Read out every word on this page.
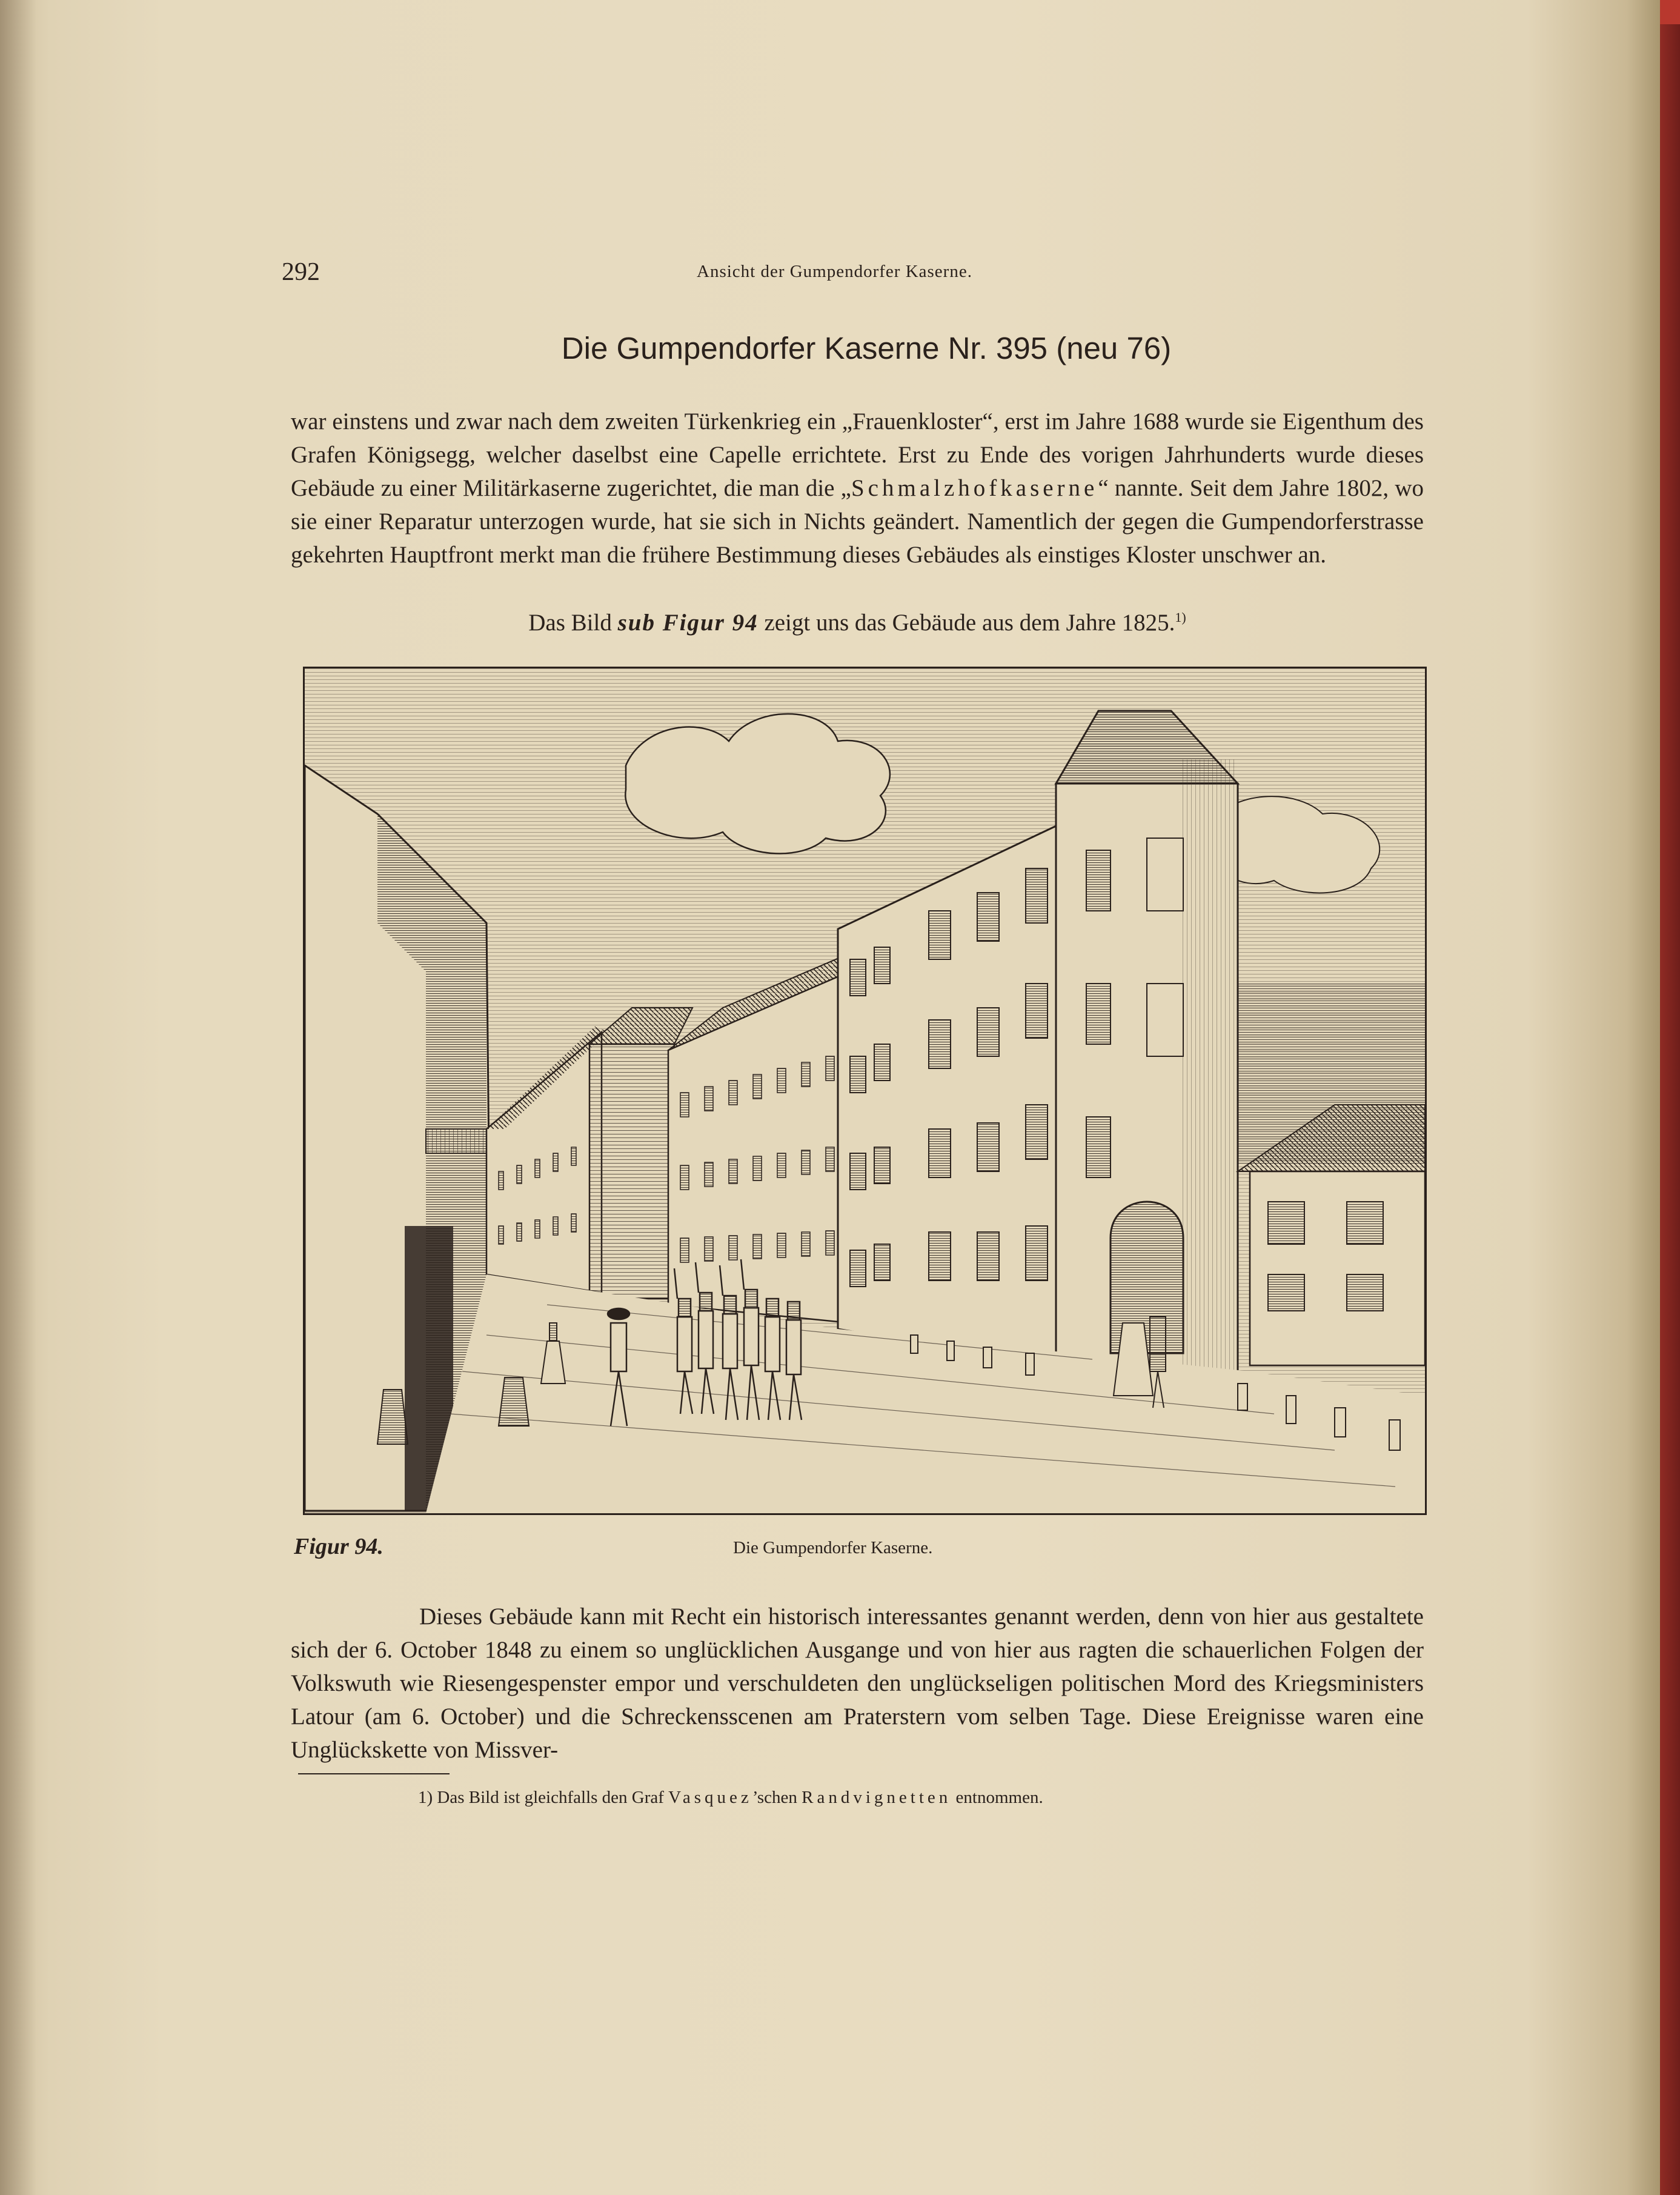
292	Ansicht der Gumpendorfer Kaserne.
Die Gumpendorfer Kaserne Nr. 395 (neu 76)

war einstens und zwar nach dem zweiten Türkenkrieg ein „Frauenkloster“, erst im Jahre 1688 wurde sie Eigenthum des Grafen Königsegg, welcher daselbst eine Capelle errichtete. Erst zu Ende des vorigen Jahrhunderts wurde dieses Gebäude zu einer Militärkaserne zugerichtet, die man die „Schmalzhofkaserne“ nannte. Seit dem Jahre 1802, wo sie einer Reparatur unterzogen wurde, hat sie sich in Nichts geändert. Namentlich der gegen die Gumpendorferstrasse gekehrten Hauptfront merkt man die frühere Bestimmung dieses Gebäudes als einstiges Kloster unschwer an.

Das Bild sub Figur 94 zeigt uns das Gebäude aus dem Jahre 1825.$^{1)}$
Figur 94.	Die Gumpendorfer Kaserne.

Dieses Gebäude kann mit Recht ein historisch interessantes genannt werden, denn von hier aus gestaltete sich der 6. October 1848 zu einem so unglücklichen Ausgange und von hier aus ragten die schauerlichen Folgen der Volkswuth wie Riesengespenster empor und verschuldeten den unglückseligen politischen Mord des Kriegsministers Latour (am 6. October) und die Schreckensscenen am Praterstern vom selben Tage. Diese Ereignisse waren eine Unglückskette von Missver-

1) Das Bild ist gleichfalls den Graf Vasquez’schen Randvignetten entnommen.
